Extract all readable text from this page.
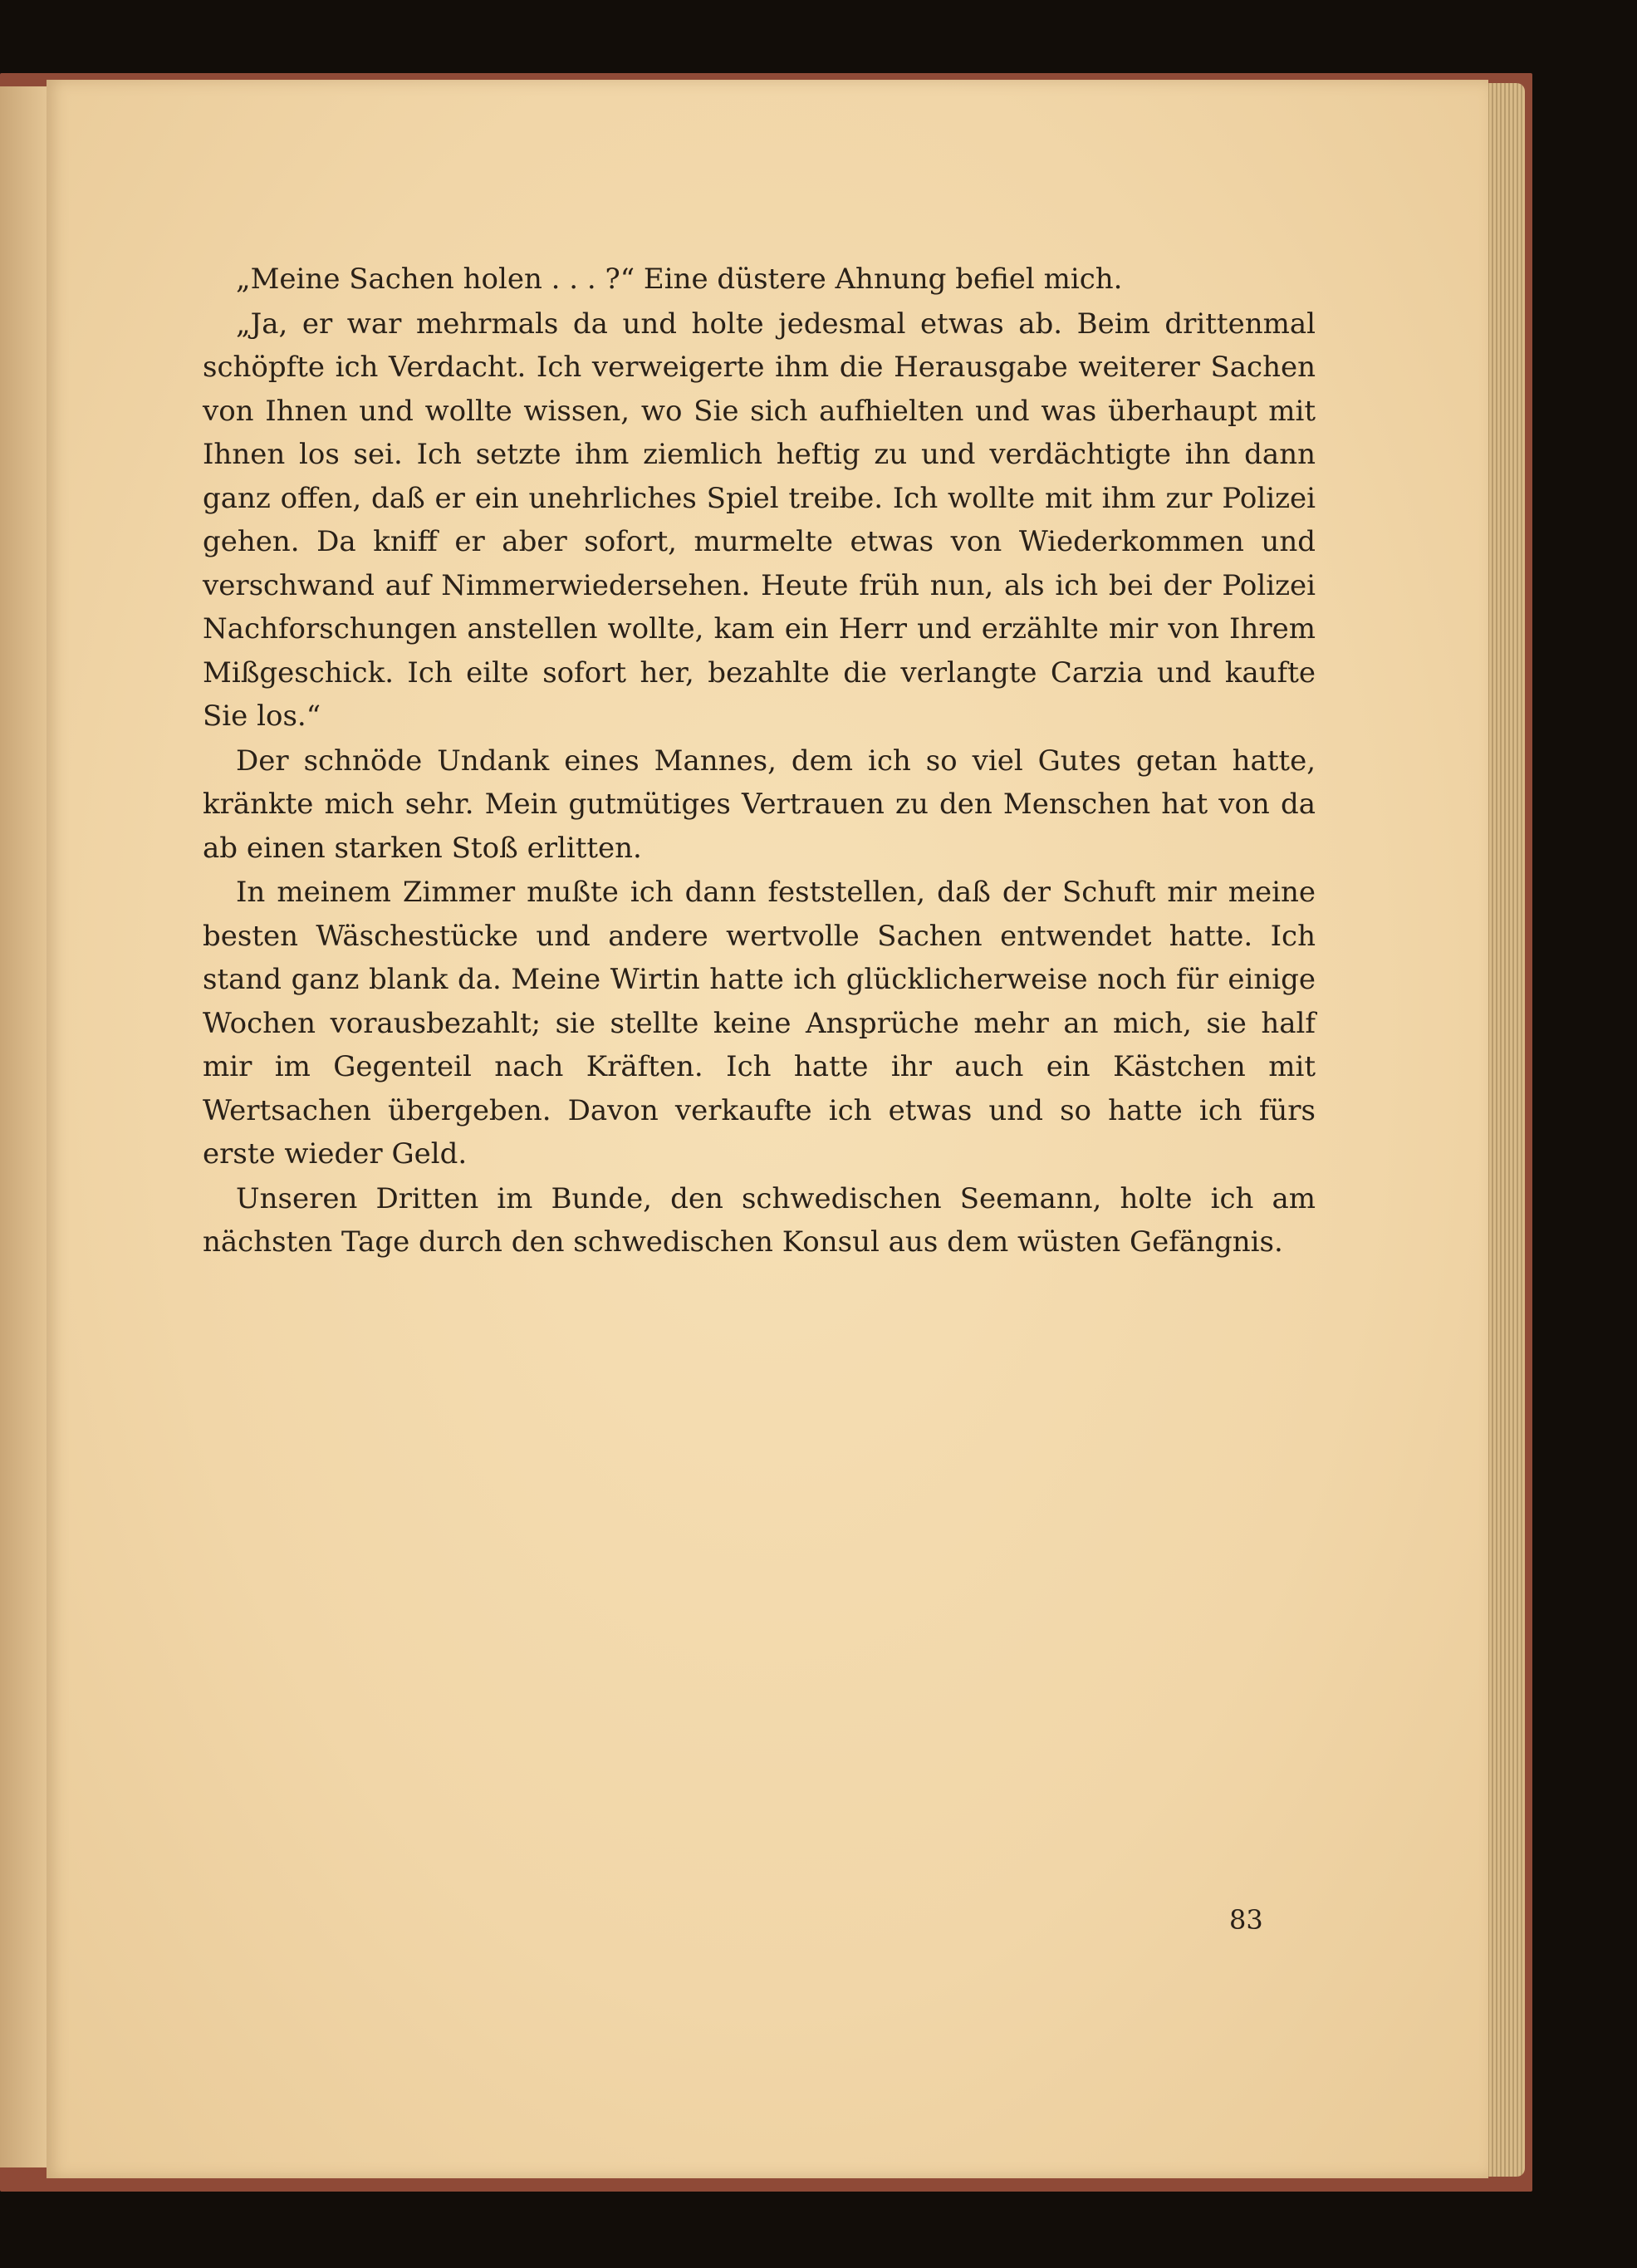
„Meine Sachen holen . . . ?“ Eine düstere Ahnung befiel mich.

„Ja, er war mehrmals da und holte jedesmal etwas ab. Beim drittenmal schöpfte ich Verdacht. Ich verweigerte ihm die Herausgabe weiterer Sachen von Ihnen und wollte wissen, wo Sie sich aufhielten und was überhaupt mit Ihnen los sei. Ich setzte ihm ziemlich heftig zu und verdächtigte ihn dann ganz offen, daß er ein unehrliches Spiel treibe. Ich wollte mit ihm zur Polizei gehen. Da kniff er aber sofort, murmelte etwas von Wiederkommen und verschwand auf Nimmerwiedersehen. Heute früh nun, als ich bei der Polizei Nachforschungen anstellen wollte, kam ein Herr und erzählte mir von Ihrem Mißgeschick. Ich eilte sofort her, bezahlte die verlangte Carzia und kaufte Sie los.“

Der schnöde Undank eines Mannes, dem ich so viel Gutes getan hatte, kränkte mich sehr. Mein gutmütiges Vertrauen zu den Menschen hat von da ab einen starken Stoß erlitten.

In meinem Zimmer mußte ich dann feststellen, daß der Schuft mir meine besten Wäschestücke und andere wertvolle Sachen entwendet hatte. Ich stand ganz blank da. Meine Wirtin hatte ich glücklicherweise noch für einige Wochen vorausbezahlt; sie stellte keine Ansprüche mehr an mich, sie half mir im Gegenteil nach Kräften. Ich hatte ihr auch ein Kästchen mit Wertsachen übergeben. Davon verkaufte ich etwas und so hatte ich fürs erste wieder Geld.

Unseren Dritten im Bunde, den schwedischen Seemann, holte ich am nächsten Tage durch den schwedischen Konsul aus dem wüsten Gefängnis.

83
